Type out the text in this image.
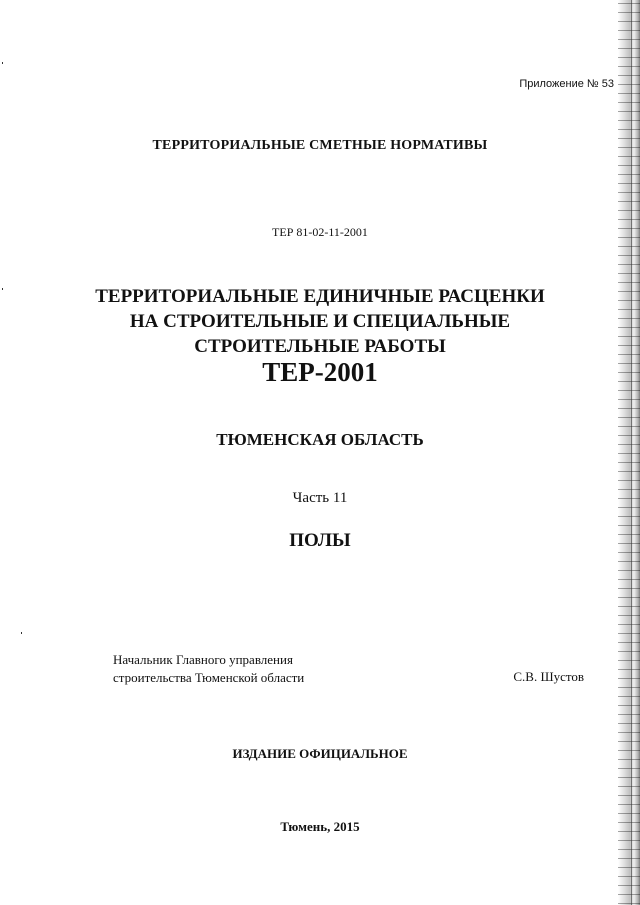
Приложение № 53
ТЕРРИТОРИАЛЬНЫЕ СМЕТНЫЕ НОРМАТИВЫ
ТЕР 81-02-11-2001
ТЕРРИТОРИАЛЬНЫЕ ЕДИНИЧНЫЕ РАСЦЕНКИ
НА СТРОИТЕЛЬНЫЕ И СПЕЦИАЛЬНЫЕ
СТРОИТЕЛЬНЫЕ РАБОТЫ
ТЕР-2001
ТЮМЕНСКАЯ ОБЛАСТЬ
Часть 11
ПОЛЫ
Начальник Главного управления
строительства Тюменской области	С.В. Шустов
ИЗДАНИЕ ОФИЦИАЛЬНОЕ
Тюмень, 2015
